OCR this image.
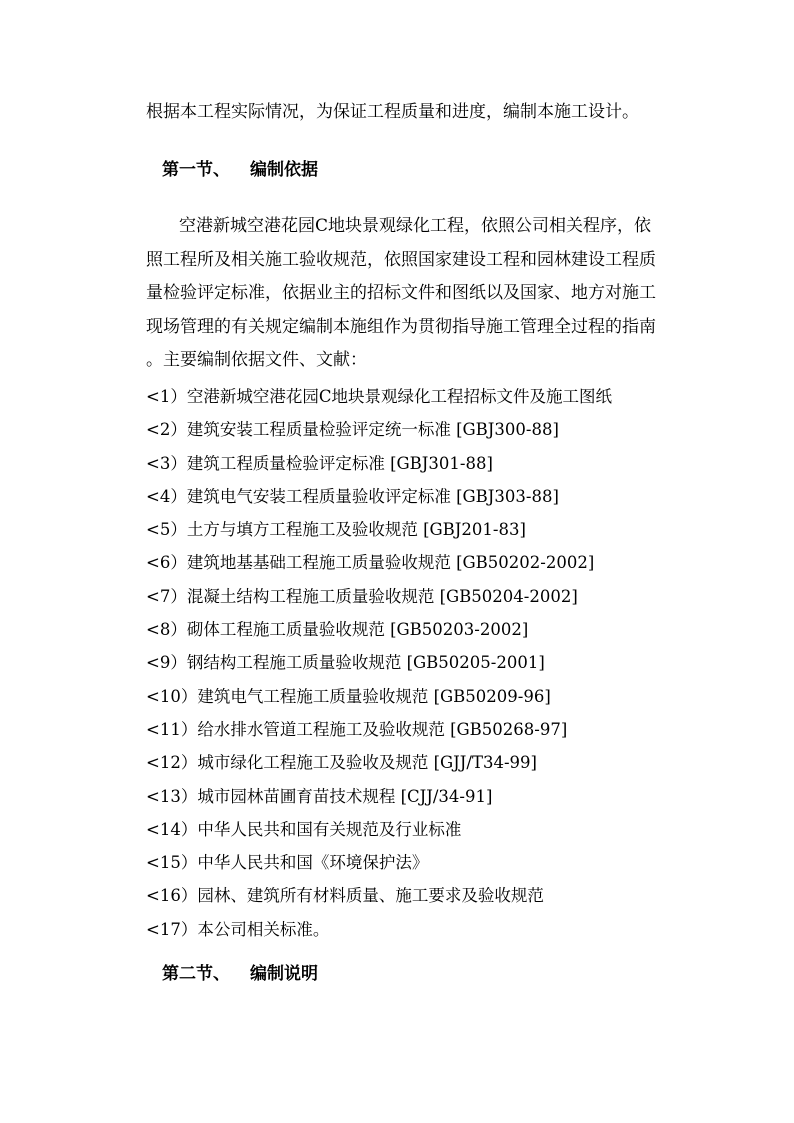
根据本工程实际情况，为保证工程质量和进度，编制本施工设计。
第一节、 编制依据
空港新城空港花园C地块景观绿化工程，依照公司相关程序，依
照工程所及相关施工验收规范，依照国家建设工程和园林建设工程质
量检验评定标准，依据业主的招标文件和图纸以及国家、地方对施工
现场管理的有关规定编制本施组作为贯彻指导施工管理全过程的指南
。主要编制依据文件、文献：
<1）空港新城空港花园C地块景观绿化工程招标文件及施工图纸
<2）建筑安装工程质量检验评定统一标准 [GBJ300-88]
<3）建筑工程质量检验评定标准 [GBJ301-88]
<4）建筑电气安装工程质量验收评定标准 [GBJ303-88]
<5）土方与填方工程施工及验收规范 [GBJ201-83]
<6）建筑地基基础工程施工质量验收规范 [GB50202-2002]
<7）混凝土结构工程施工质量验收规范 [GB50204-2002]
<8）砌体工程施工质量验收规范 [GB50203-2002]
<9）钢结构工程施工质量验收规范 [GB50205-2001]
<10）建筑电气工程施工质量验收规范 [GB50209-96]
<11）给水排水管道工程施工及验收规范 [GB50268-97]
<12）城市绿化工程施工及验收及规范 [GJJ/T34-99]
<13）城市园林苗圃育苗技术规程 [CJJ/34-91]
<14）中华人民共和国有关规范及行业标准
<15）中华人民共和国《环境保护法》
<16）园林、建筑所有材料质量、施工要求及验收规范
<17）本公司相关标准。
第二节、 编制说明
